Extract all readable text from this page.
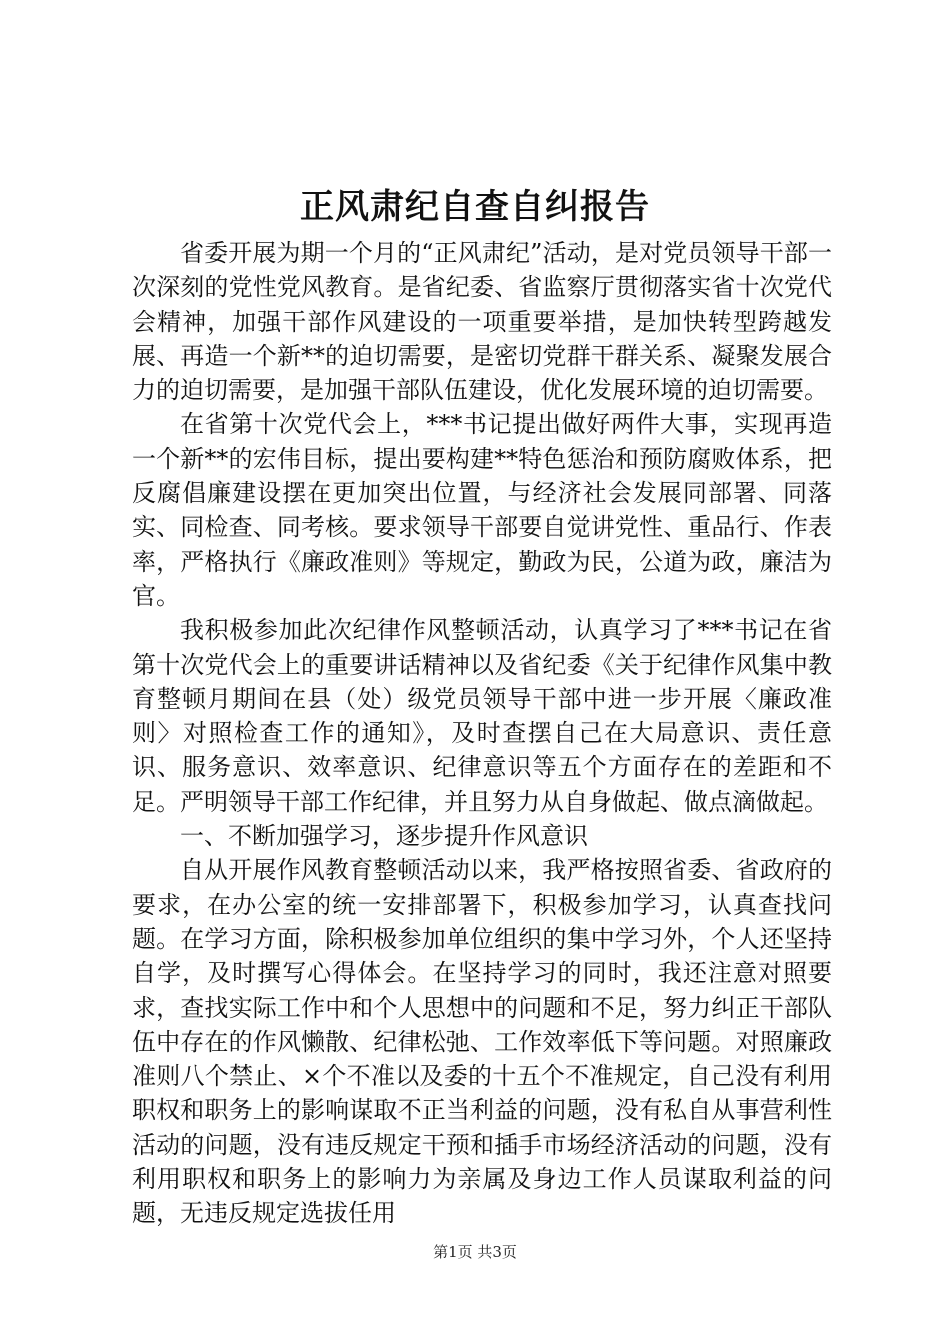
正风肃纪自查自纠报告

省委开展为期一个月的“正风肃纪”活动，是对党员领导干部一次深刻的党性党风教育。是省纪委、省监察厅贯彻落实省十次党代会精神，加强干部作风建设的一项重要举措，是加快转型跨越发展、再造一个新**的迫切需要，是密切党群干群关系、凝聚发展合力的迫切需要，是加强干部队伍建设，优化发展环境的迫切需要。

在省第十次党代会上，***书记提出做好两件大事，实现再造一个新**的宏伟目标，提出要构建**特色惩治和预防腐败体系，把反腐倡廉建设摆在更加突出位置，与经济社会发展同部署、同落实、同检查、同考核。要求领导干部要自觉讲党性、重品行、作表率，严格执行《廉政准则》等规定，勤政为民，公道为政，廉洁为官。

我积极参加此次纪律作风整顿活动，认真学习了***书记在省第十次党代会上的重要讲话精神以及省纪委《关于纪律作风集中教育整顿月期间在县（处）级党员领导干部中进一步开展〈廉政准则〉对照检查工作的通知》，及时查摆自己在大局意识、责任意识、服务意识、效率意识、纪律意识等五个方面存在的差距和不足。严明领导干部工作纪律，并且努力从自身做起、做点滴做起。

一、不断加强学习，逐步提升作风意识

自从开展作风教育整顿活动以来，我严格按照省委、省政府的要求，在办公室的统一安排部署下，积极参加学习，认真查找问题。在学习方面，除积极参加单位组织的集中学习外，个人还坚持自学，及时撰写心得体会。在坚持学习的同时，我还注意对照要求，查找实际工作中和个人思想中的问题和不足，努力纠正干部队伍中存在的作风懒散、纪律松弛、工作效率低下等问题。对照廉政准则八个禁止、×个不准以及委的十五个不准规定，自己没有利用职权和职务上的影响谋取不正当利益的问题，没有私自从事营利性活动的问题，没有违反规定干预和插手市场经济活动的问题，没有利用职权和职务上的影响力为亲属及身边工作人员谋取利益的问题，无违反规定选拔任用

第1页 共3页
